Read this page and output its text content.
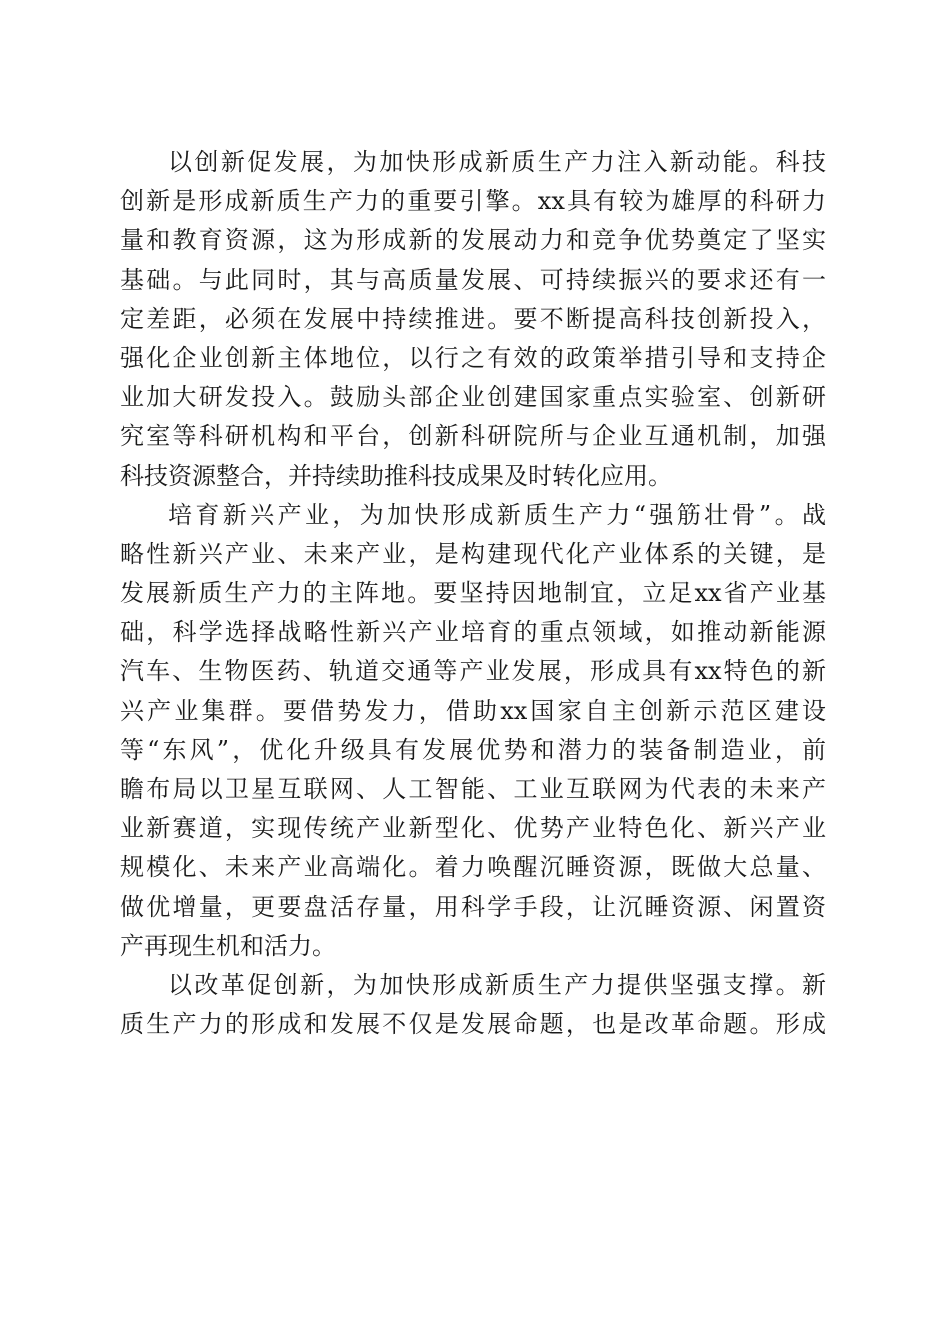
以创新促发展，为加快形成新质生产力注入新动能。科技
创新是形成新质生产力的重要引擎。xx具有较为雄厚的科研力
量和教育资源，这为形成新的发展动力和竞争优势奠定了坚实
基础。与此同时，其与高质量发展、可持续振兴的要求还有一
定差距，必须在发展中持续推进。要不断提高科技创新投入，
强化企业创新主体地位，以行之有效的政策举措引导和支持企
业加大研发投入。鼓励头部企业创建国家重点实验室、创新研
究室等科研机构和平台，创新科研院所与企业互通机制，加强
科技资源整合，并持续助推科技成果及时转化应用。
培育新兴产业，为加快形成新质生产力“强筋壮骨”。战
略性新兴产业、未来产业，是构建现代化产业体系的关键，是
发展新质生产力的主阵地。要坚持因地制宜，立足xx省产业基
础，科学选择战略性新兴产业培育的重点领域，如推动新能源
汽车、生物医药、轨道交通等产业发展，形成具有xx特色的新
兴产业集群。要借势发力，借助xx国家自主创新示范区建设
等“东风”，优化升级具有发展优势和潜力的装备制造业，前
瞻布局以卫星互联网、人工智能、工业互联网为代表的未来产
业新赛道，实现传统产业新型化、优势产业特色化、新兴产业
规模化、未来产业高端化。着力唤醒沉睡资源，既做大总量、
做优增量，更要盘活存量，用科学手段，让沉睡资源、闲置资
产再现生机和活力。
以改革促创新，为加快形成新质生产力提供坚强支撑。新
质生产力的形成和发展不仅是发展命题，也是改革命题。形成
